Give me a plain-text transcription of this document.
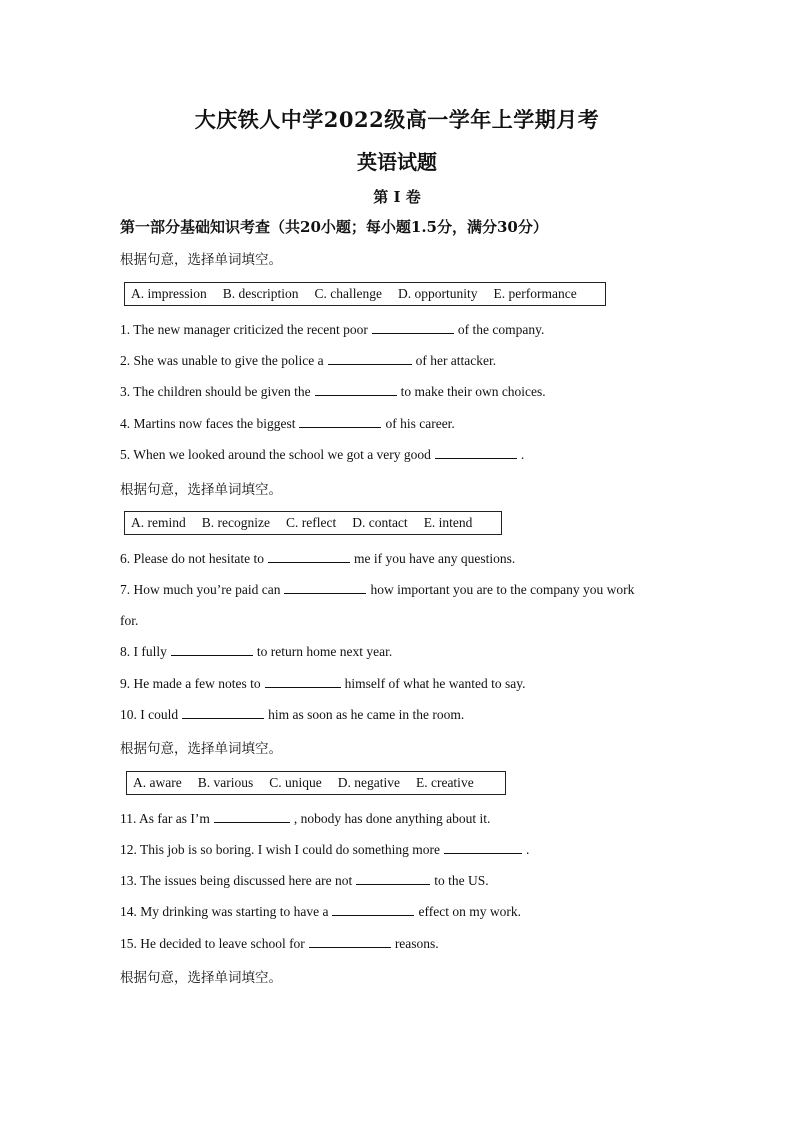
大庆铁人中学2022级高一学年上学期月考
英语试题
第 I 卷
第一部分基础知识考查（共20小题；每小题1.5分，满分30分）
根据句意，选择单词填空。
A. impression B. description C. challenge D. opportunity E. performance
1. The new manager criticized the recent poor	of the company.
2. She was unable to give the police a	of her attacker.
3. The children should be given the	to make their own choices.
4. Martins now faces the biggest	of his career.
5. When we looked around the school we got a very good	.
根据句意，选择单词填空。
A. remind B. recognize C. reflect D. contact E. intend
6. Please do not hesitate to	me if you have any questions.
7. How much you’re paid can	how important you are to the company you work
for.
8. I fully	to return home next year.
9. He made a few notes to	himself of what he wanted to say.
10. I could	him as soon as he came in the room.
根据句意，选择单词填空。
A. aware B. various C. unique D. negative E. creative
11. As far as I’m	, nobody has done anything about it.
12. This job is so boring. I wish I could do something more	.
13. The issues being discussed here are not	to the US.
14. My drinking was starting to have a	effect on my work.
15. He decided to leave school for	reasons.
根据句意，选择单词填空。
